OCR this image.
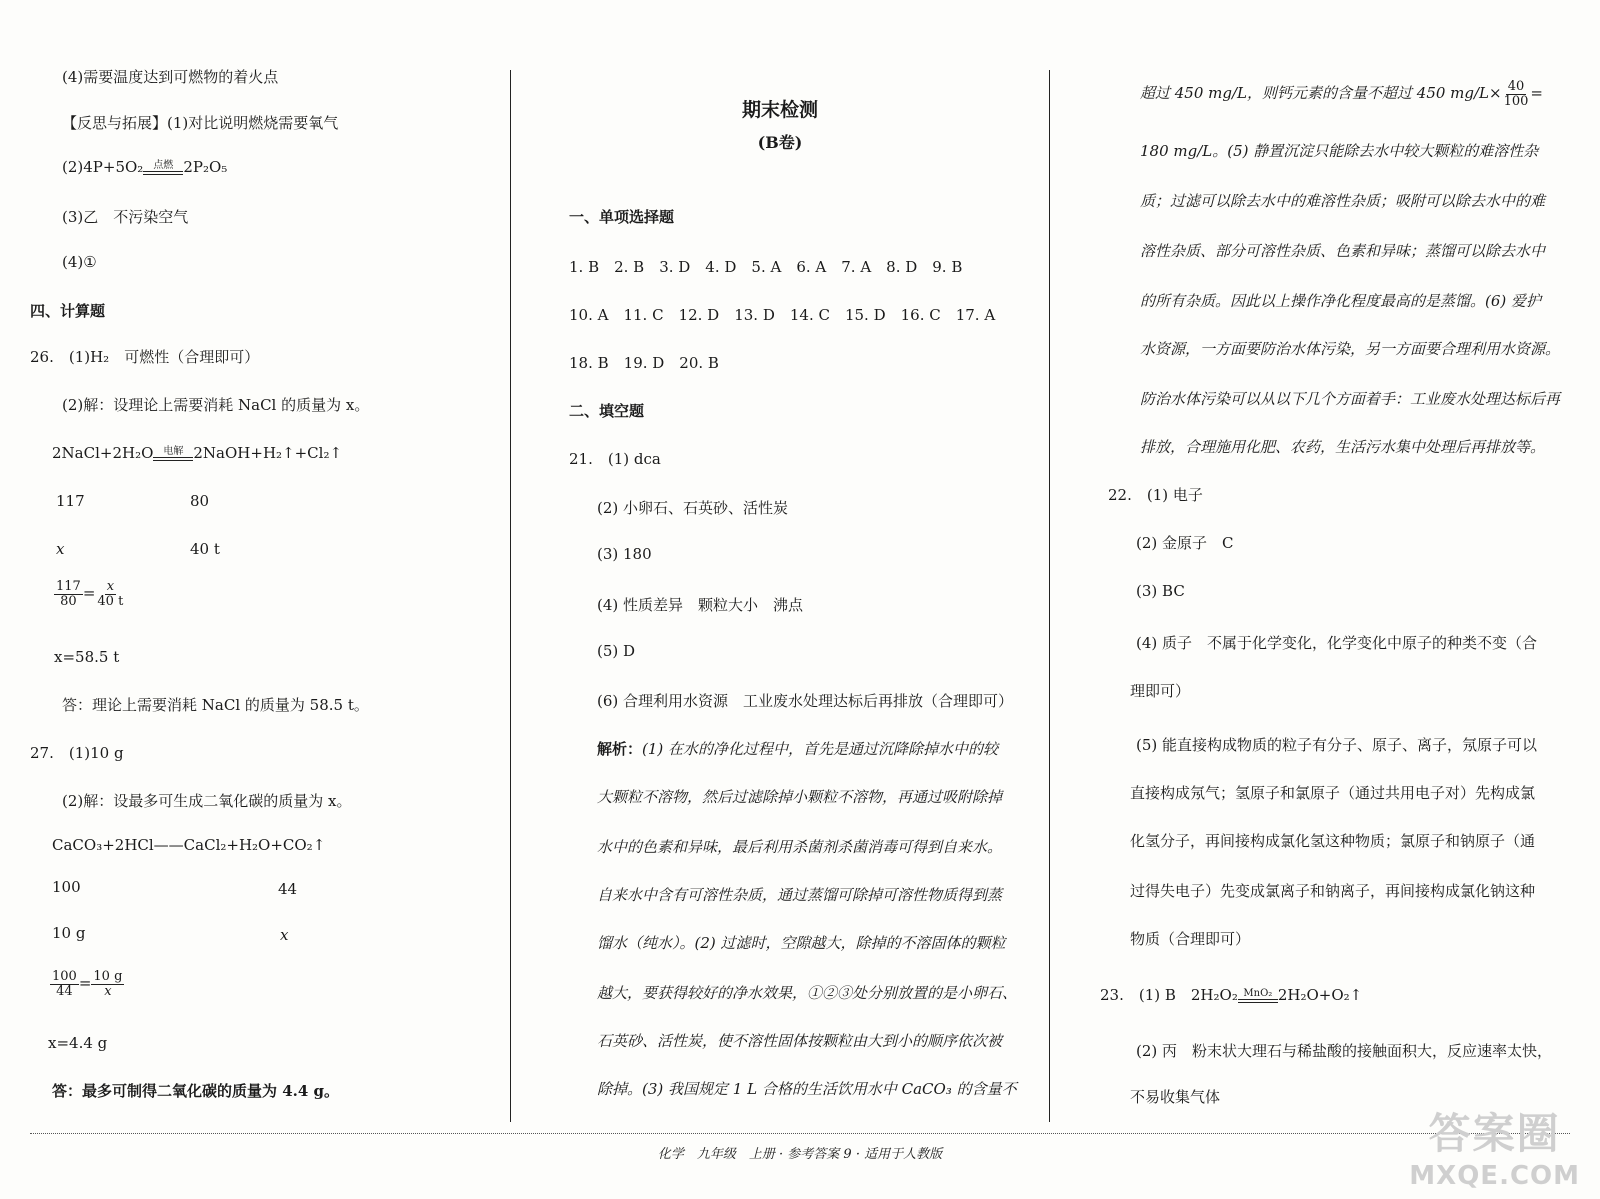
(4)需要温度达到可燃物的着火点
【反思与拓展】(1)对比说明燃烧需要氧气
(2)4P+5O₂ 点燃 2P₂O₅
(3)乙　不污染空气
(4)①
四、计算题
26.　(1)H₂　可燃性（合理即可）
(2)解：设理论上需要消耗 NaCl 的质量为 x。
2NaCl+2H₂O 电解 2NaOH+H₂↑+Cl₂↑
117	80
x	40 t
$\frac{117}{80} = \frac{x}{40 t}$
x=58.5 t
答：理论上需要消耗 NaCl 的质量为 58.5 t。
27.　(1)10 g
(2)解：设最多可生成二氧化碳的质量为 x。
CaCO₃+2HCl——CaCl₂+H₂O+CO₂↑
100	44
10 g	x
$\frac{100}{44} = \frac{10 g}{x}$
x=4.4 g
答：最多可制得二氧化碳的质量为 4.4 g。
期末检测
(B卷)
一、单项选择题
1. B　2. B　3. D　4. D　5. A　6. A　7. A　8. D　9. B
10. A　11. C　12. D　13. D　14. C　15. D　16. C　17. A
18. B　19. D　20. B
二、填空题
21.　(1) dca
(2) 小卵石、石英砂、活性炭
(3) 180
(4) 性质差异　颗粒大小　沸点
(5) D
(6) 合理利用水资源　工业废水处理达标后再排放（合理即可）
解析：(1) 在水的净化过程中，首先是通过沉降除掉水中的较
大颗粒不溶物，然后过滤除掉小颗粒不溶物，再通过吸附除掉
水中的色素和异味，最后利用杀菌剂杀菌消毒可得到自来水。
自来水中含有可溶性杂质，通过蒸馏可除掉可溶性物质得到蒸
馏水（纯水）。(2) 过滤时，空隙越大，除掉的不溶固体的颗粒
越大，要获得较好的净水效果，①②③处分别放置的是小卵石、
石英砂、活性炭，使不溶性固体按颗粒由大到小的顺序依次被
除掉。(3) 我国规定 1 L 合格的生活饮用水中 CaCO₃ 的含量不
超过 450 mg/L，则钙元素的含量不超过 450 $mg/L\times \frac{40}{100}$ =
180 mg/L。(5) 静置沉淀只能除去水中较大颗粒的难溶性杂
质；过滤可以除去水中的难溶性杂质；吸附可以除去水中的难
溶性杂质、部分可溶性杂质、色素和异味；蒸馏可以除去水中
的所有杂质。因此以上操作净化程度最高的是蒸馏。(6) 爱护
水资源，一方面要防治水体污染，另一方面要合理利用水资源。
防治水体污染可以从以下几个方面着手：工业废水处理达标后再
排放，合理施用化肥、农药，生活污水集中处理后再排放等。
22.　(1) 电子
(2) 金原子　C
(3) BC
(4) 质子　不属于化学变化，化学变化中原子的种类不变（合
理即可）
(5) 能直接构成物质的粒子有分子、原子、离子，氖原子可以
直接构成氖气；氢原子和氯原子（通过共用电子对）先构成氯
化氢分子，再间接构成氯化氢这种物质；氯原子和钠原子（通
过得失电子）先变成氯离子和钠离子，再间接构成氯化钠这种
物质（合理即可）
23.　(1) B　2H₂O₂ MnO₂ 2H₂O+O₂↑
(2) 丙　粉末状大理石与稀盐酸的接触面积大，反应速率太快，
不易收集气体
化学　九年级　上册 · 参考答案 9 · 适用于人教版	答案圈
MXQE.COM
